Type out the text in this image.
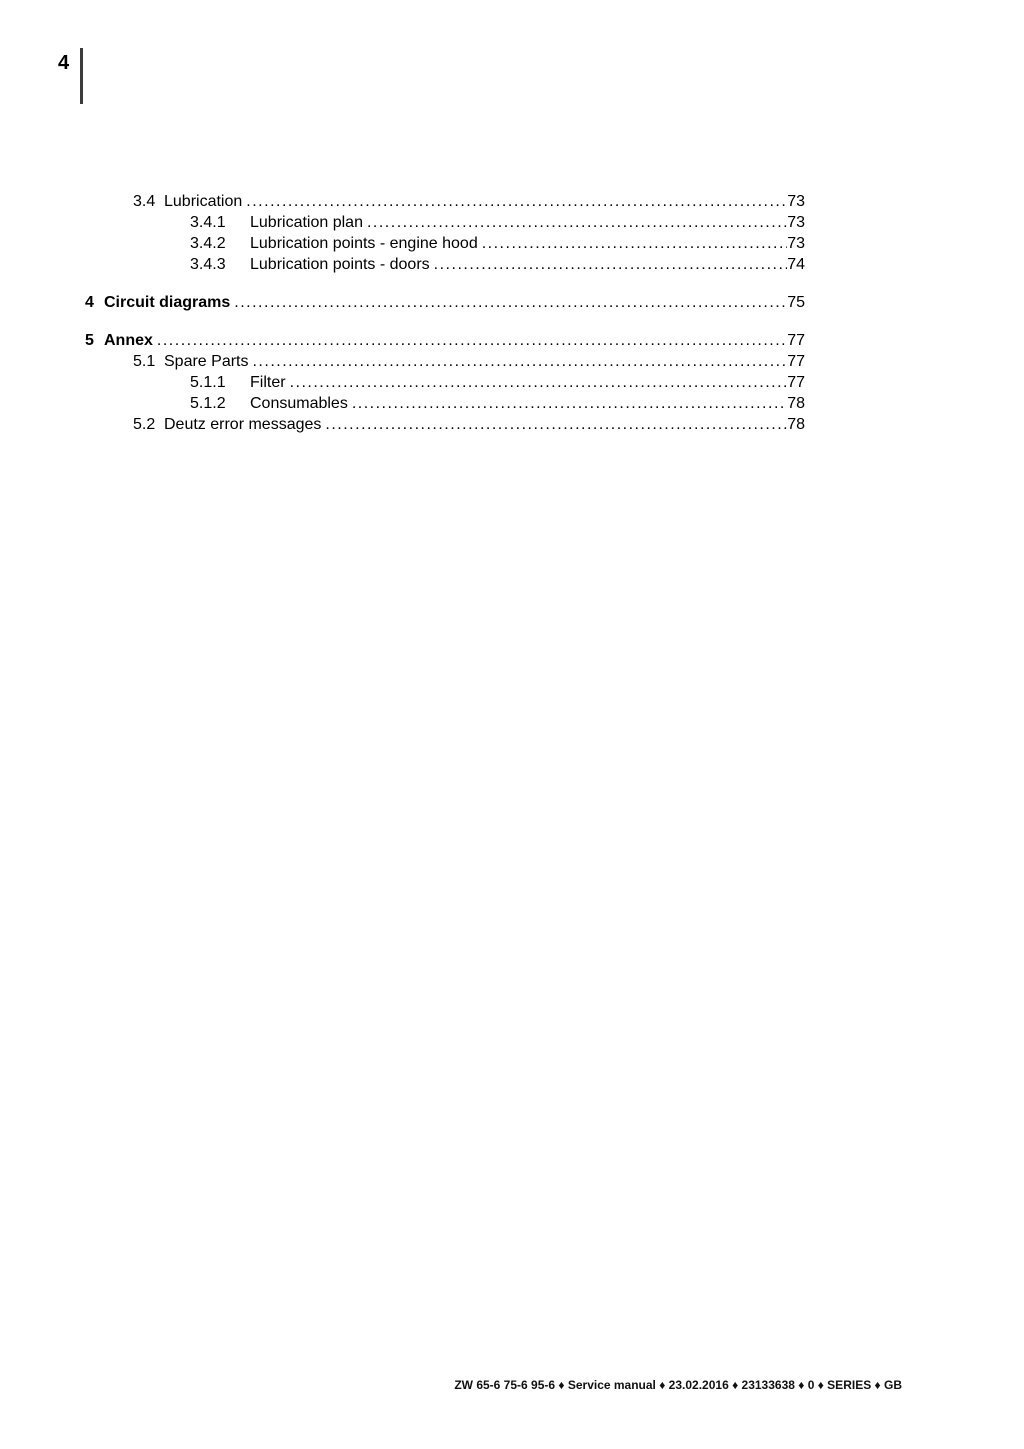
4
3.4 Lubrication .....	73
3.4.1	Lubrication plan .....	73
3.4.2	Lubrication points - engine hood .....	73
3.4.3	Lubrication points - doors .....	74
4 Circuit diagrams .....	75
5 Annex .....	77
5.1 Spare Parts .....	77
5.1.1	Filter .....	77
5.1.2	Consumables .....	78
5.2 Deutz error messages .....	78
ZW 65-6 75-6 95-6 ♦ Service manual ♦ 23.02.2016 ♦ 23133638 ♦ 0 ♦ SERIES ♦ GB
